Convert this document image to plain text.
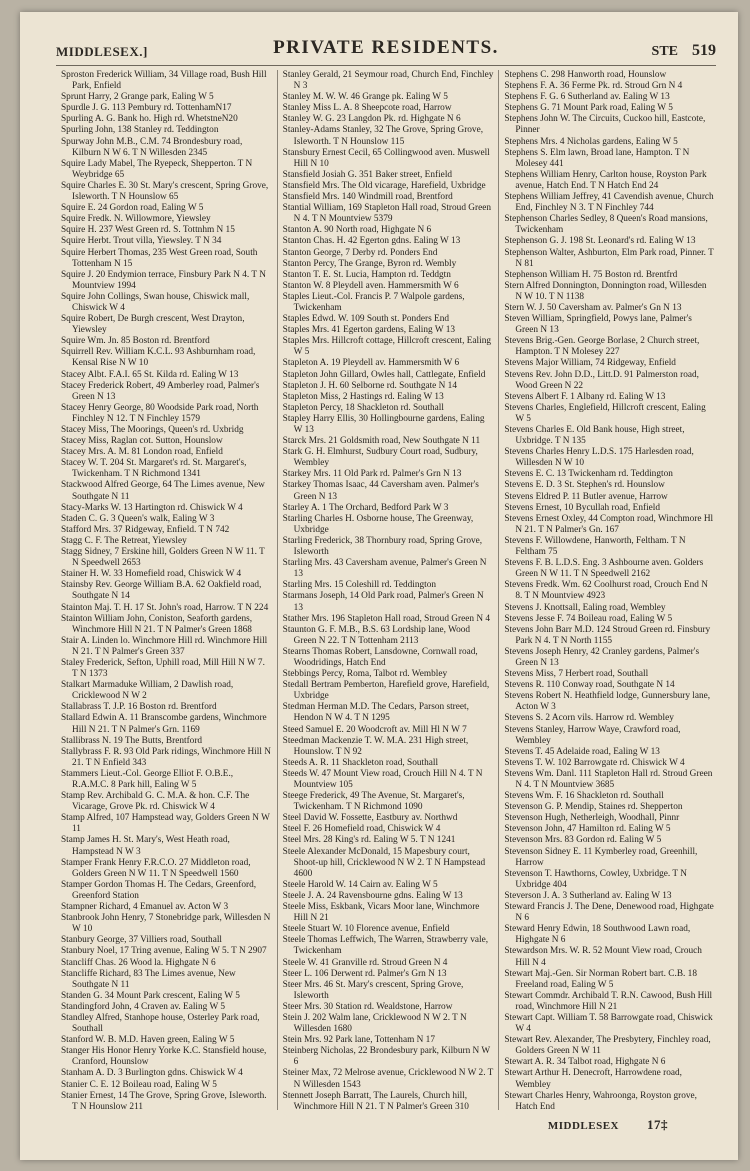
MIDDLESEX.]	PRIVATE RESIDENTS.	STE 519
Sproston Frederick William, 34 Village road, Bush Hill Park, Enfield
Sprunt Harry, 2 Grange park, Ealing W 5
Spurdle J. G. 113 Pembury rd. TottenhamN17
Spurling A. G. Bank ho. High rd. WhetstneN20
Spurling John, 138 Stanley rd. Teddington
Spurway John M.B., C.M. 74 Brondesbury road, Kilburn N W 6. T N Willesden 2345
Squire Lady Mabel, The Ryepeck, Shepperton. T N Weybridge 65
Squire Charles E. 30 St. Mary's crescent, Spring Grove, Isleworth. T N Hounslow 65
Squire E. 24 Gordon road, Ealing W 5
Squire Fredk. N. Willowmore, Yiewsley
Squire H. 237 West Green rd. S. Tottnhm N 15
Squire Herbt. Trout villa, Yiewsley. T N 34
Squire Herbert Thomas, 235 West Green road, South Tottenham N 15
Squire J. 20 Endymion terrace, Finsbury Park N 4. T N Mountview 1994
Squire John Collings, Swan house, Chiswick mall, Chiswick W 4
Squire Robert, De Burgh crescent, West Drayton, Yiewsley
Squire Wm. Jn. 85 Boston rd. Brentford
Squirrell Rev. William K.C.L. 93 Ashburnham road, Kensal Rise N W 10
Stacey Albt. F.A.I. 65 St. Kilda rd. Ealing W 13
Stacey Frederick Robert, 49 Amberley road, Palmer's Green N 13
Stacey Henry George, 80 Woodside Park road, North Finchley N 12. T N Finchley 1579
Stacey Miss, The Moorings, Queen's rd. Uxbridg
Stacey Miss, Raglan cot. Sutton, Hounslow
Stacey Mrs. A. M. 81 London road, Enfield
Stacey W. T. 204 St. Margaret's rd. St. Margaret's, Twickenham. T N Richmond 1341
Stackwood Alfred George, 64 The Limes avenue, New Southgate N 11
Stacy-Marks W. 13 Hartington rd. Chiswick W 4
Staden C. G. 3 Queen's walk, Ealing W 3
Stafford Mrs. 37 Ridgeway, Enfield. T N 742
Stagg C. F. The Retreat, Yiewsley
Stagg Sidney, 7 Erskine hill, Golders Green N W 11. T N Speedwell 2653
Stainer H. W. 33 Homefield road, Chiswick W 4
Stainsby Rev. George William B.A. 62 Oakfield road, Southgate N 14
Stainton Maj. T. H. 17 St. John's road, Harrow. T N 224
Stainton William John, Coniston, Seaforth gardens, Winchmore Hill N 21. T N Palmer's Green 1868
Stair A. Linden lo. Winchmore Hill rd. Winchmore Hill N 21. T N Palmer's Green 337
Staley Frederick, Sefton, Uphill road, Mill Hill N W 7. T N 1373
Stalkart Marmaduke William, 2 Dawlish road, Cricklewood N W 2
Stallabrass T. J.P. 16 Boston rd. Brentford
Stallard Edwin A. 11 Branscombe gardens, Winchmore Hill N 21. T N Palmer's Grn. 1169
Stallibrass N. 19 The Butts, Brentford
Stallybrass F. R. 93 Old Park ridings, Winchmore Hill N 21. T N Enfield 343
Stammers Lieut.-Col. George Elliot F. O.B.E., R.A.M.C. 8 Park hill, Ealing W 5
Stamp Rev. Archibald G. C. M.A. & hon. C.F. The Vicarage, Grove Pk. rd. Chiswick W 4
Stamp Alfred, 107 Hampstead way, Golders Green N W 11
Stamp James H. St. Mary's, West Heath road, Hampstead N W 3
Stamper Frank Henry F.R.C.O. 27 Middleton road, Golders Green N W 11. T N Speedwell 1560
Stamper Gordon Thomas H. The Cedars, Greenford, Greenford Station
Stampner Richard, 4 Emanuel av. Acton W 3
Stanbrook John Henry, 7 Stonebridge park, Willesden N W 10
Stanbury George, 37 Villiers road, Southall
Stanbury Noel, 17 Tring avenue, Ealing W 5. T N 2907
Stancliff Chas. 26 Wood la. Highgate N 6
Stancliffe Richard, 83 The Limes avenue, New Southgate N 11
Standen G. 34 Mount Park crescent, Ealing W 5
Standingford John, 4 Craven av. Ealing W 5
Standley Alfred, Stanhope house, Osterley Park road, Southall
Stanford W. B. M.D. Haven green, Ealing W 5
Stanger His Honor Henry Yorke K.C. Stansfield house, Cranford, Hounslow
Stanham A. D. 3 Burlington gdns. Chiswick W 4
Stanier C. E. 12 Boileau road, Ealing W 5
Stanier Ernest, 14 The Grove, Spring Grove, Isleworth. T N Hounslow 211
Stanley Gerald, 21 Seymour road, Church End, Finchley N 3
Stanley M. W. W. 46 Grange pk. Ealing W 5
Stanley Miss L. A. 8 Sheepcote road, Harrow
Stanley W. G. 23 Langdon Pk. rd. Highgate N 6
Stanley-Adams Stanley, 32 The Grove, Spring Grove, Isleworth. T N Hounslow 115
Stansbury Ernest Cecil, 65 Collingwood aven. Muswell Hill N 10
Stansfield Josiah G. 351 Baker street, Enfield
Stansfield Mrs. The Old vicarage, Harefield, Uxbridge
Stansfield Mrs. 140 Windmill road, Brentford
Stantial William, 169 Stapleton Hall road, Stroud Green N 4. T N Mountview 5379
Stanton A. 90 North road, Highgate N 6
Stanton Chas. H. 42 Egerton gdns. Ealing W 13
Stanton George, 7 Derby rd. Ponders End
Stanton Percy, The Grange, Byron rd. Wembly
Stanton T. E. St. Lucia, Hampton rd. Teddgtn
Stanton W. 8 Pleydell aven. Hammersmith W 6
Staples Lieut.-Col. Francis P. 7 Walpole gardens, Twickenham
Staples Edwd. W. 109 South st. Ponders End
Staples Mrs. 41 Egerton gardens, Ealing W 13
Staples Mrs. Hillcroft cottage, Hillcroft crescent, Ealing W 5
Stapleton A. 19 Pleydell av. Hammersmith W 6
Stapleton John Gillard, Owles hall, Cattlegate, Enfield
Stapleton J. H. 60 Selborne rd. Southgate N 14
Stapleton Miss, 2 Hastings rd. Ealing W 13
Stapleton Percy, 18 Shackleton rd. Southall
Stapley Harry Ellis, 30 Hollingbourne gardens, Ealing W 13
Starck Mrs. 21 Goldsmith road, New Southgate N 11
Stark G. H. Elmhurst, Sudbury Court road, Sudbury, Wembley
Starkey Mrs. 11 Old Park rd. Palmer's Grn N 13
Starkey Thomas Isaac, 44 Caversham aven. Palmer's Green N 13
Starley A. 1 The Orchard, Bedford Park W 3
Starling Charles H. Osborne house, The Greenway, Uxbridge
Starling Frederick, 38 Thornbury road, Spring Grove, Isleworth
Starling Mrs. 43 Caversham avenue, Palmer's Green N 13
Starling Mrs. 15 Coleshill rd. Teddington
Starmans Joseph, 14 Old Park road, Palmer's Green N 13
Stather Mrs. 196 Stapleton Hall road, Stroud Green N 4
Staunton G. F. M.B., B.S. 63 Lordship lane, Wood Green N 22. T N Tottenham 2113
Stearns Thomas Robert, Lansdowne, Cornwall road, Woodridings, Hatch End
Stebbings Percy, Roma, Talbot rd. Wembley
Stedall Bertram Pemberton, Harefield grove, Harefield, Uxbridge
Stedman Herman M.D. The Cedars, Parson street, Hendon N W 4. T N 1295
Steed Samuel E. 20 Woodcroft av. Mill Hl N W 7
Steedman Mackenzie T. W. M.A. 231 High street, Hounslow. T N 92
Steeds A. R. 11 Shackleton road, Southall
Steeds W. 47 Mount View road, Crouch Hill N 4. T N Mountview 105
Steege Frederick, 49 The Avenue, St. Margaret's, Twickenham. T N Richmond 1090
Steel David W. Fossette, Eastbury av. Northwd
Steel F. 26 Homefield road, Chiswick W 4
Steel Mrs. 28 King's rd. Ealing W 5. T N 1241
Steele Alexander McDonald, 15 Mapesbury court, Shoot-up hill, Cricklewood N W 2. T N Hampstead 4600
Steele Harold W. 14 Cairn av. Ealing W 5
Steele J. A. 24 Ravensbourne gdns. Ealing W 13
Steele Miss, Eskbank, Vicars Moor lane, Winchmore Hill N 21
Steele Stuart W. 10 Florence avenue, Enfield
Steele Thomas Leffwich, The Warren, Strawberry vale, Twickenham
Steele W. 41 Granville rd. Stroud Green N 4
Steer L. 106 Derwent rd. Palmer's Grn N 13
Steer Mrs. 46 St. Mary's crescent, Spring Grove, Isleworth
Steer Mrs. 30 Station rd. Wealdstone, Harrow
Stein J. 202 Walm lane, Cricklewood N W 2. T N Willesden 1680
Stein Mrs. 92 Park lane, Tottenham N 17
Steinberg Nicholas, 22 Brondesbury park, Kilburn N W 6
Steiner Max, 72 Melrose avenue, Cricklewood N W 2. T N Willesden 1543
Stennett Joseph Barratt, The Laurels, Church hill, Winchmore Hill N 21. T N Palmer's Green 310
Stephens C. 298 Hanworth road, Hounslow
Stephens F. A. 36 Ferme Pk. rd. Stroud Grn N 4
Stephens F. G. 6 Sutherland av. Ealing W 13
Stephens G. 71 Mount Park road, Ealing W 5
Stephens John W. The Circuits, Cuckoo hill, Eastcote, Pinner
Stephens Mrs. 4 Nicholas gardens, Ealing W 5
Stephens S. Elm lawn, Broad lane, Hampton. T N Molesey 441
Stephens William Henry, Carlton house, Royston Park avenue, Hatch End. T N Hatch End 24
Stephens William Jeffrey, 41 Cavendish avenue, Church End, Finchley N 3. T N Finchley 744
Stephenson Charles Sedley, 8 Queen's Road mansions, Twickenham
Stephenson G. J. 198 St. Leonard's rd. Ealing W 13
Stephenson Walter, Ashburton, Elm Park road, Pinner. T N 81
Stephenson William H. 75 Boston rd. Brentfrd
Stern Alfred Donnington, Donnington road, Willesden N W 10. T N 1138
Stern W. J. 50 Caversham av. Palmer's Gn N 13
Steven William, Springfield, Powys lane, Palmer's Green N 13
Stevens Brig.-Gen. George Borlase, 2 Church street, Hampton. T N Molesey 227
Stevens Major William, 74 Ridgeway, Enfield
Stevens Rev. John D.D., Litt.D. 91 Palmerston road, Wood Green N 22
Stevens Albert F. 1 Albany rd. Ealing W 13
Stevens Charles, Englefield, Hillcroft crescent, Ealing W 5
Stevens Charles E. Old Bank house, High street, Uxbridge. T N 135
Stevens Charles Henry L.D.S. 175 Harlesden road, Willesden N W 10
Stevens E. C. 13 Twickenham rd. Teddington
Stevens E. D. 3 St. Stephen's rd. Hounslow
Stevens Eldred P. 11 Butler avenue, Harrow
Stevens Ernest, 10 Bycullah road, Enfield
Stevens Ernest Oxley, 44 Compton road, Winchmore Hl N 21. T N Palmer's Gn. 167
Stevens F. Willowdene, Hanworth, Feltham. T N Feltham 75
Stevens F. B. L.D.S. Eng. 3 Ashbourne aven. Golders Green N W 11. T N Speedwell 2162
Stevens Fredk. Wm. 62 Coolhurst road, Crouch End N 8. T N Mountview 4923
Stevens J. Knottsall, Ealing road, Wembley
Stevens Jesse F. 74 Boileau road, Ealing W 5
Stevens John Barr M.D. 124 Stroud Green rd. Finsbury Park N 4. T N North 1155
Stevens Joseph Henry, 42 Cranley gardens, Palmer's Green N 13
Stevens Miss, 7 Herbert road, Southall
Stevens R. 110 Conway road, Southgate N 14
Stevens Robert N. Heathfield lodge, Gunnersbury lane, Acton W 3
Stevens S. 2 Acorn vils. Harrow rd. Wembley
Stevens Stanley, Harrow Waye, Crawford road, Wembley
Stevens T. 45 Adelaide road, Ealing W 13
Stevens T. W. 102 Barrowgate rd. Chiswick W 4
Stevens Wm. Danl. 111 Stapleton Hall rd. Stroud Green N 4. T N Mountview 3685
Stevens Wm. F. 16 Shackleton rd. Southall
Stevenson G. P. Mendip, Staines rd. Shepperton
Stevenson Hugh, Netherleigh, Woodhall, Pinnr
Stevenson John, 47 Hamilton rd. Ealing W 5
Stevenson Mrs. 83 Gordon rd. Ealing W 5
Stevenson Sidney E. 11 Kymberley road, Greenhill, Harrow
Stevenson T. Hawthorns, Cowley, Uxbridge. T N Uxbridge 404
Steverson J. A. 3 Sutherland av. Ealing W 13
Steward Francis J. The Dene, Denewood road, Highgate N 6
Steward Henry Edwin, 18 Southwood Lawn road, Highgate N 6
Stewardson Mrs. W. R. 52 Mount View road, Crouch Hill N 4
Stewart Maj.-Gen. Sir Norman Robert bart. C.B. 18 Freeland road, Ealing W 5
Stewart Commdr. Archibald T. R.N. Cawood, Bush Hill road, Winchmore Hill N 21
Stewart Capt. William T. 58 Barrowgate road, Chiswick W 4
Stewart Rev. Alexander, The Presbytery, Finchley road, Golders Green N W 11
Stewart A. R. 34 Talbot road, Highgate N 6
Stewart Arthur H. Denecroft, Harrowdene road, Wembley
Stewart Charles Henry, Wahroonga, Royston grove, Hatch End
MIDDLESEX 17‡
